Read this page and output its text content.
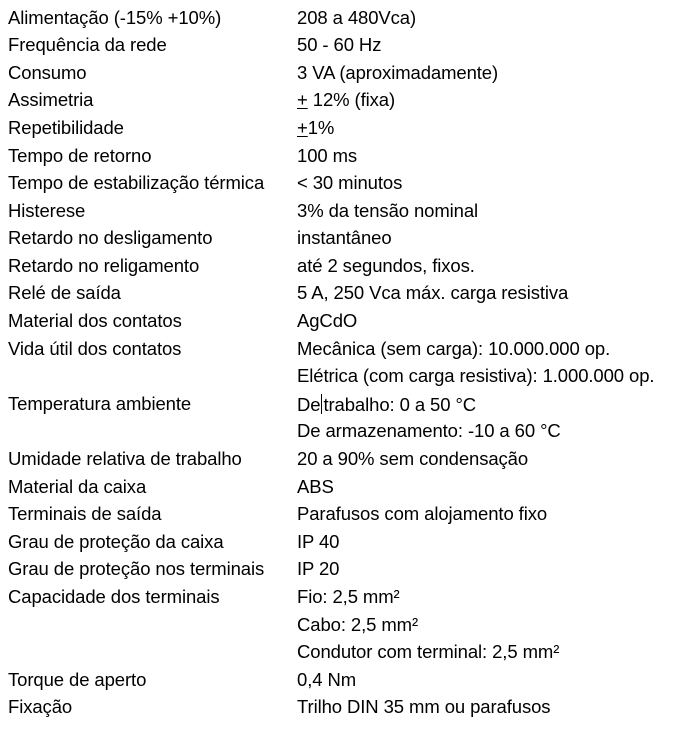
Alimentação (-15% +10%)	208 a 480Vca)
Frequência da rede	50 - 60 Hz
Consumo	3 VA (aproximadamente)
Assimetria	+ 12% (fixa)
Repetibilidade	+1%
Tempo de retorno	100 ms
Tempo de estabilização térmica	< 30 minutos
Histerese	3% da tensão nominal
Retardo no desligamento	instantâneo
Retardo no religamento	até 2 segundos, fixos.
Relé de saída	5 A, 250 Vca máx. carga resistiva
Material dos contatos	AgCdO
Vida útil dos contatos	Mecânica (sem carga): 10.000.000 op.
Elétrica (com carga resistiva): 1.000.000 op.
Temperatura ambiente	De trabalho: 0 a 50 °C
De armazenamento: -10 a 60 °C
Umidade relativa de trabalho	20 a 90% sem condensação
Material da caixa	ABS
Terminais de saída	Parafusos com alojamento fixo
Grau de proteção da caixa	IP 40
Grau de proteção nos terminais	IP 20
Capacidade dos terminais	Fio: 2,5 mm²
Cabo: 2,5 mm²
Condutor com terminal: 2,5 mm²
Torque de aperto	0,4 Nm
Fixação	Trilho DIN 35 mm ou parafusos
